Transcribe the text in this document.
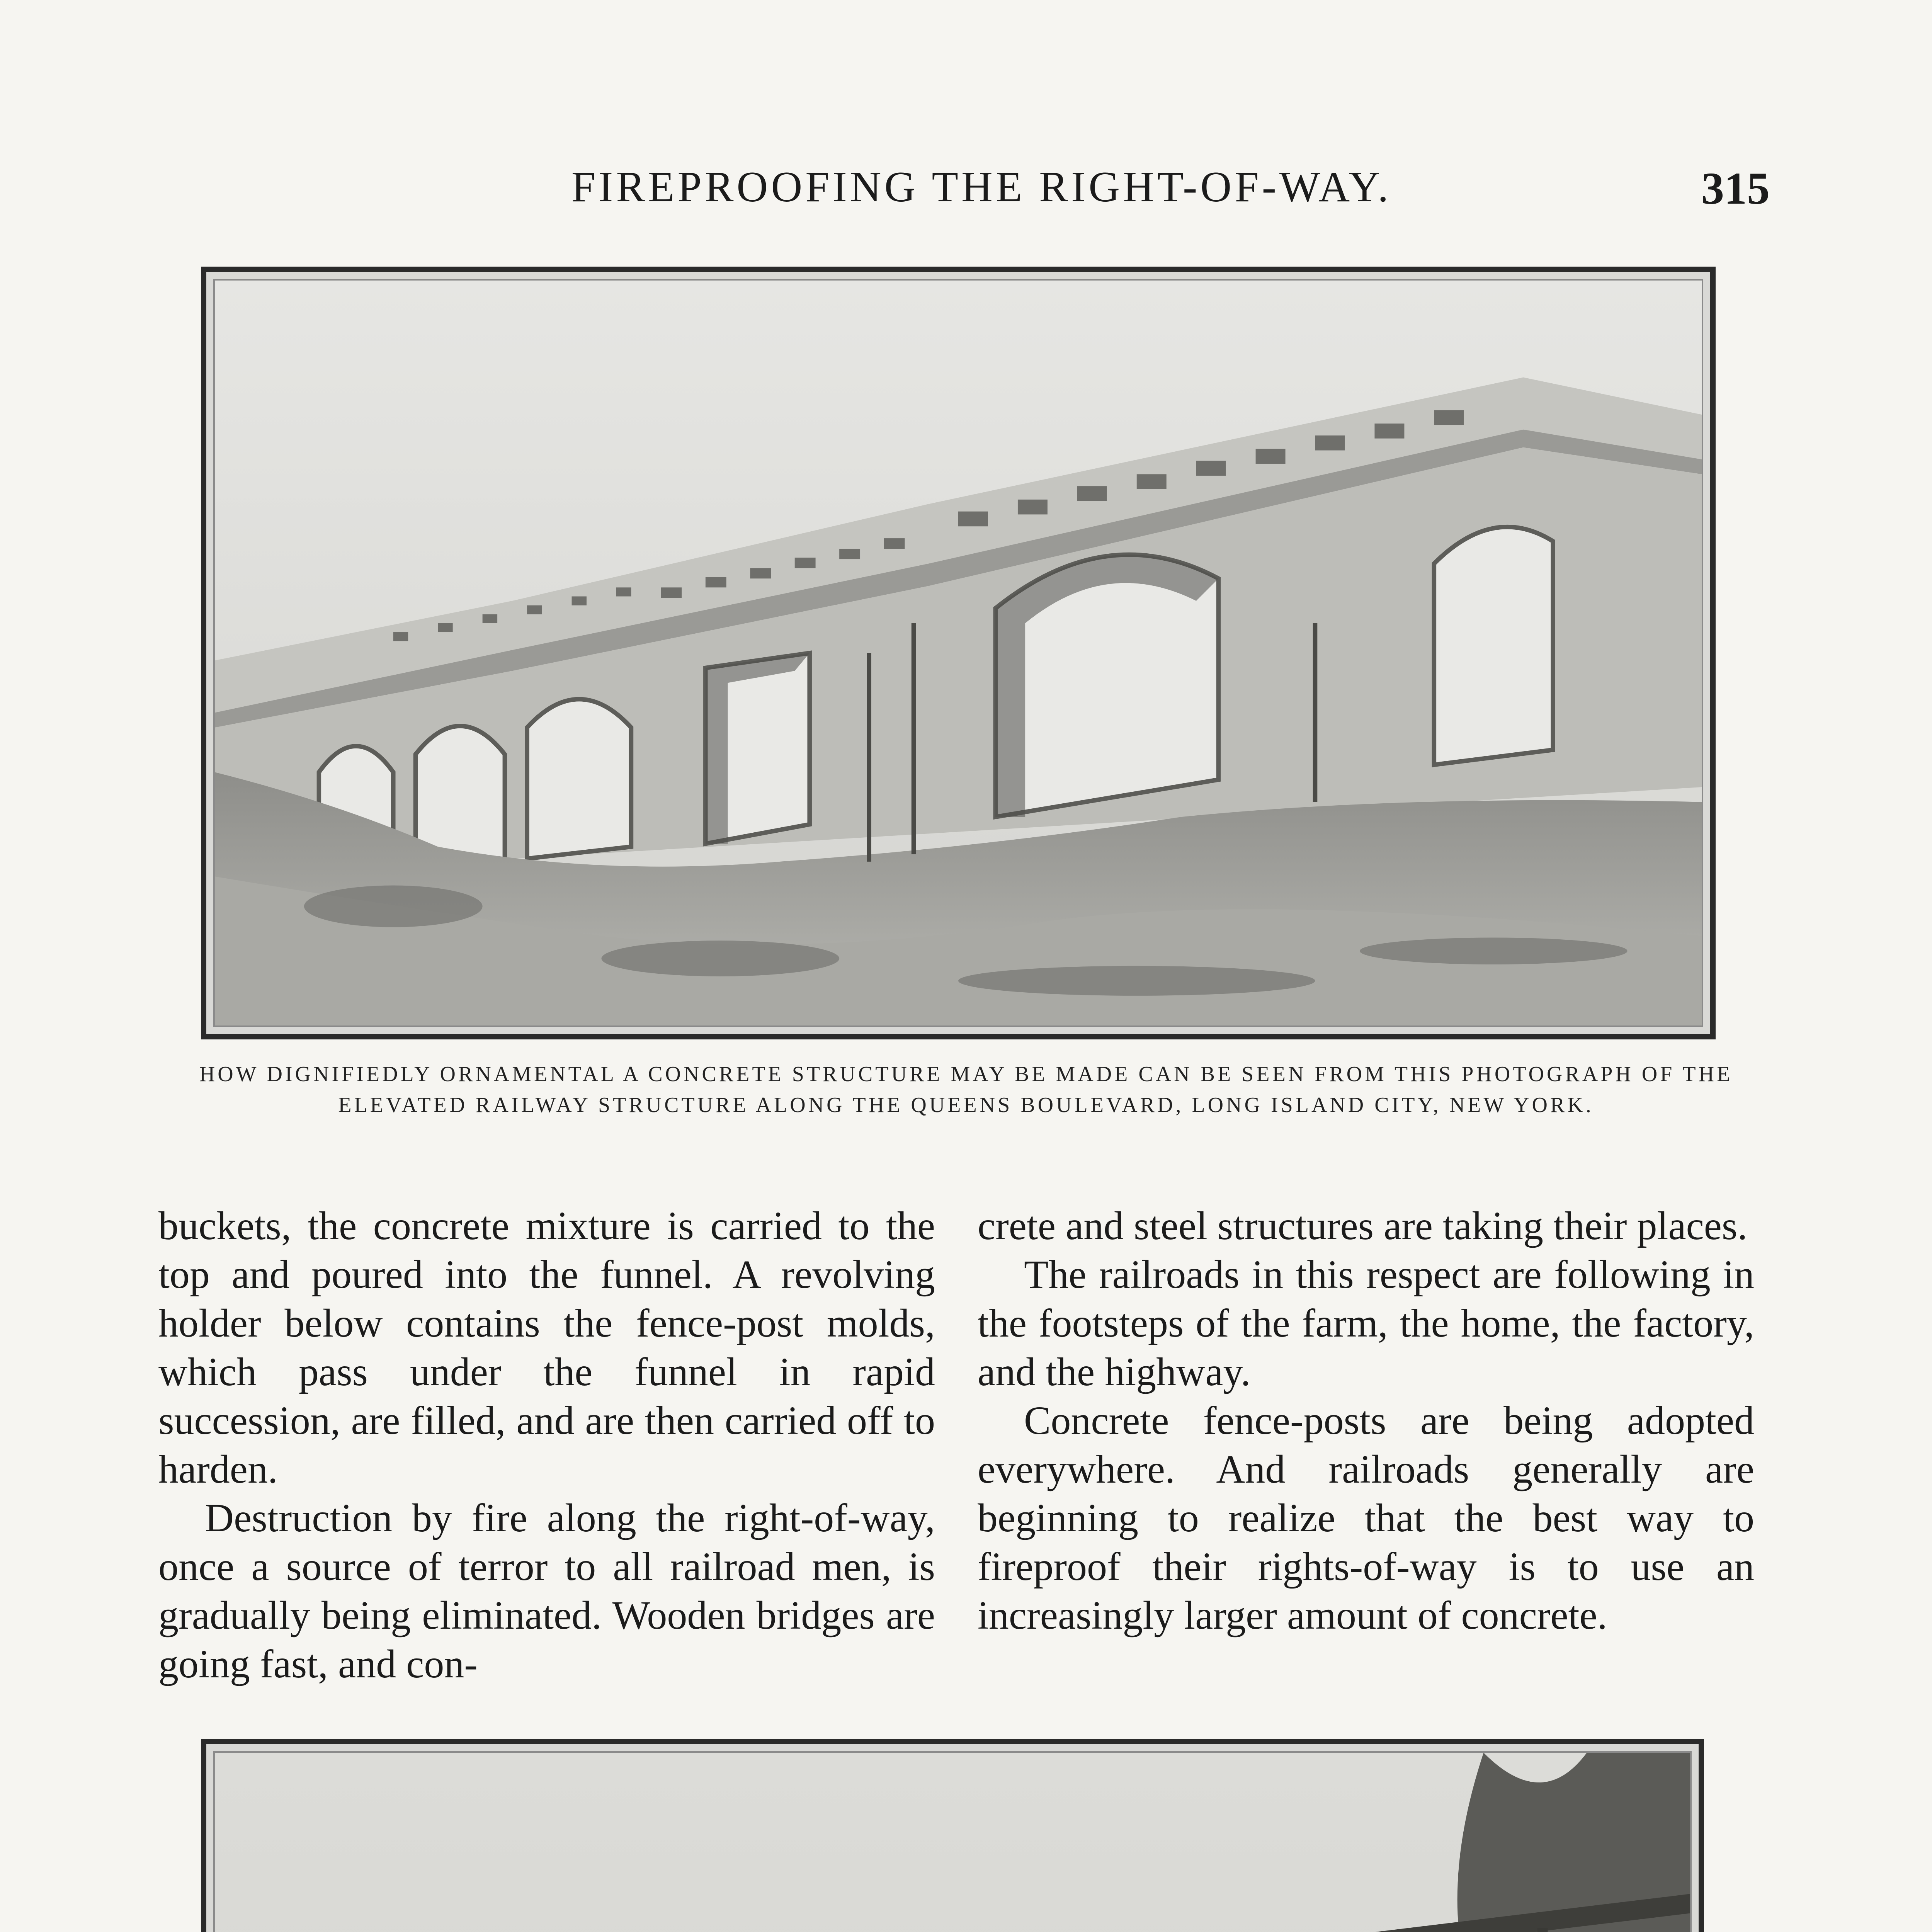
FIREPROOFING THE RIGHT-OF-WAY.	315
HOW DIGNIFIEDLY ORNAMENTAL A CONCRETE STRUCTURE MAY BE MADE CAN BE SEEN FROM THIS PHOTOGRAPH OF THE ELEVATED RAILWAY STRUCTURE ALONG THE QUEENS BOULEVARD, LONG ISLAND CITY, NEW YORK.

buckets, the concrete mixture is carried to the top and poured into the funnel. A revolving holder below contains the fence-post molds, which pass under the funnel in rapid succession, are filled, and are then carried off to harden.

Destruction by fire along the right-of-way, once a source of terror to all railroad men, is gradually being eliminated. Wooden bridges are going fast, and con-

crete and steel structures are taking their places.

The railroads in this respect are following in the footsteps of the farm, the home, the factory, and the highway.

Concrete fence-posts are being adopted everywhere. And railroads generally are beginning to realize that the best way to fireproof their rights-of-way is to use an increasingly larger amount of concrete.
